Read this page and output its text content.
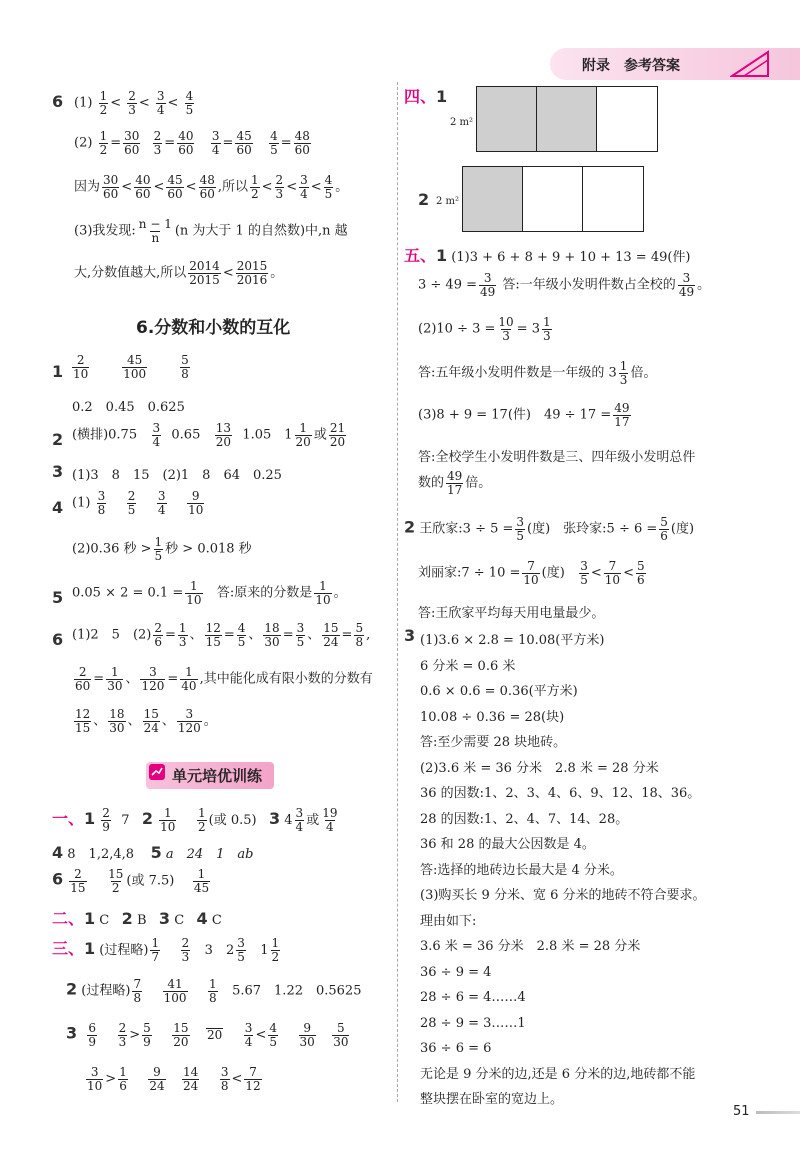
附录　参考答案
6 $(1) \frac{1}{2} < \frac{2}{3} < \frac{3}{4} < \frac{4}{5}$
$(2) \frac{1}{2} = \frac{30}{60}$
$\frac{2}{3} = \frac{40}{60}$
$\frac{3}{4} = \frac{45}{60}$
$\frac{4}{5} = \frac{48}{60}$
因为 $\frac{30}{60} < \frac{40}{60} < \frac{45}{60} < \frac{48}{60}$ ,所以 $\frac{1}{2} < \frac{2}{3} < \frac{3}{4} < \frac{4}{5}$ 。
(3)我发现: $\frac{n - 1}{n} (n$ 为大于 1 的自然数)中,n 越
大,分数值越大,所以 $\frac{2014}{2015} < \frac{2015}{2016}$ 。
6.分数和小数的互化
$1 \frac{2}{10}$
	$\frac{45}{100}$
	$\frac{5}{8}$
0.2　0.45　0.625
2 (横排)$0.75 \frac{3}{4} 0.65 \frac{13}{20} 1.05$　$1 \frac{1}{20}$ 或 $\frac{21}{20}$
3 (1)3　8　15　(2)1　8　64　0.25
4 $(1) \frac{3}{8}$
$\frac{2}{5}$
$\frac{3}{4}$
$\frac{9}{10}$
(2)0.36 秒 > $\frac{1}{5}$ 秒 > 0.018 秒
5 $0.05 \times 2 = 0.1 = \frac{1}{10}$ 答:原来的分数是 $\frac{1}{10}$ 。
6 (1)2　5　$(2) \frac{2}{6} = \frac{1}{3}$ 、 $\frac{12}{15} = \frac{4}{5}$ 、 $\frac{18}{30} = \frac{3}{5}$ 、 $\frac{15}{24} = \frac{5}{8}$ ,
$\frac{2}{60} = \frac{1}{30}$ 、 $\frac{3}{120} = \frac{1}{40}$ ,其中能化成有限小数的分数有
$\frac{12}{15}$ 、 $\frac{18}{30}$ 、 $\frac{15}{24}$ 、 $\frac{3}{120}$ 。
单元培优训练
一、$1 \frac{2}{9} 7$ $2 \frac{1}{10}$
$\frac{1}{2}$ (或 0.5) 3 $4 \frac{3}{4}$ 或 $\frac{19}{4}$
4 8　1,2,4,8 5 a　24　1　ab
$6 \frac{2}{15}$
$\frac{15}{2}$ (或 $7.5) \frac{1}{45}$
二、1 C 2 B 3 C 4 C
三、1 (过程略) $\frac{1}{7}$
$\frac{2}{3} 3$　$2 \frac{3}{5} 1 \frac{1}{2}$
2 (过程略) $\frac{7}{8}$
$\frac{41}{100}$
$\frac{1}{8} 5.67$　1.22　0.5625
$3 \frac{6}{9}$
$\frac{2}{3} > \frac{5}{9}$
$\frac{15}{20}$
20
$\frac{3}{4} < \frac{4}{5}$
$\frac{9}{30}$
$\frac{5}{30}$
$\frac{3}{10} > \frac{1}{6}$
$\frac{9}{24}$
$\frac{14}{24}$
$\frac{3}{8} < \frac{7}{12}$
四、1
2 m²
2 2 m²
五、1 (1)3 + 6 + 8 + 9 + 10 + 13 = 49(件)
$3 \div 49 = \frac{3}{49}$ 答:一年级小发明件数占全校的 $\frac{3}{49}$ 。
$(2)10 \div 3 = \frac{10}{3} = 3 \frac{1}{3}$
答:五年级小发明件数是一年级的 $3 \frac{1}{3}$ 倍。
(3)8 + 9 = 17(件)　$49 \div 17 = \frac{49}{17}$
答:全校学生小发明件数是三、四年级小发明总件
数的 $\frac{49}{17}$ 倍。
2 王欣家:3 ÷ $5 = \frac{3}{5}$ (度)　张玲家:5 ÷ $6 = \frac{5}{6}$ (度)
刘丽家:7 ÷ $10 = \frac{7}{10}$ (度) $\frac{3}{5} < \frac{7}{10} < \frac{5}{6}$
答:王欣家平均每天用电量最少。
3 (1)3.6 × 2.8 = 10.08(平方米)
6 分米 = 0.6 米
0.6 × 0.6 = 0.36(平方米)
10.08 ÷ 0.36 = 28(块)
答:至少需要 28 块地砖。
(2)3.6 米 = 36 分米　2.8 米 = 28 分米
36 的因数:1、2、3、4、6、9、12、18、36。
28 的因数:1、2、4、7、14、28。
36 和 28 的最大公因数是 4。
答:选择的地砖边长最大是 4 分米。
(3)购买长 9 分米、宽 6 分米的地砖不符合要求。
理由如下:
3.6 米 = 36 分米　2.8 米 = 28 分米
36 ÷ 9 = 4
28 ÷ 6 = 4……4
28 ÷ 9 = 3……1
36 ÷ 6 = 6
无论是 9 分米的边,还是 6 分米的边,地砖都不能
整块摆在卧室的宽边上。
51
